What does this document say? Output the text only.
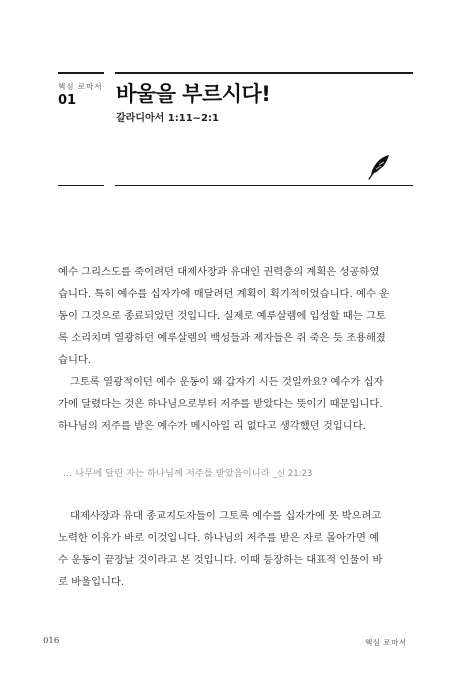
핵심 로마서
01 바울을 부르시다!
갈라디아서 1:11~2:1
예수 그리스도를 죽이려던 대제사장과 유대인 권력층의 계획은 성공하였
습니다. 특히 예수를 십자가에 매달려던 계획이 획기적이었습니다. 예수 운
동이 그것으로 종료되었던 것입니다. 실제로 예루살렘에 입성할 때는 그토
록 소리치며 열광하던 예루살렘의 백성들과 제자들은 쥐 죽은 듯 조용해졌
습니다.
그토록 열광적이던 예수 운동이 왜 갑자기 시든 것일까요? 예수가 십자
가에 달렸다는 것은 하나님으로부터 저주를 받았다는 뜻이기 때문입니다.
하나님의 저주를 받은 예수가 메시아일 리 없다고 생각했던 것입니다.
… 나무에 달린 자는 하나님께 저주를 받았음이니라 _신 21:23
대제사장과 유대 종교지도자들이 그토록 예수를 십자가에 못 박으려고
노력한 이유가 바로 이것입니다. 하나님의 저주를 받은 자로 몰아가면 예
수 운동이 끝장날 것이라고 본 것입니다. 이때 등장하는 대표적 인물이 바
로 바울입니다.
016	핵심 로마서
